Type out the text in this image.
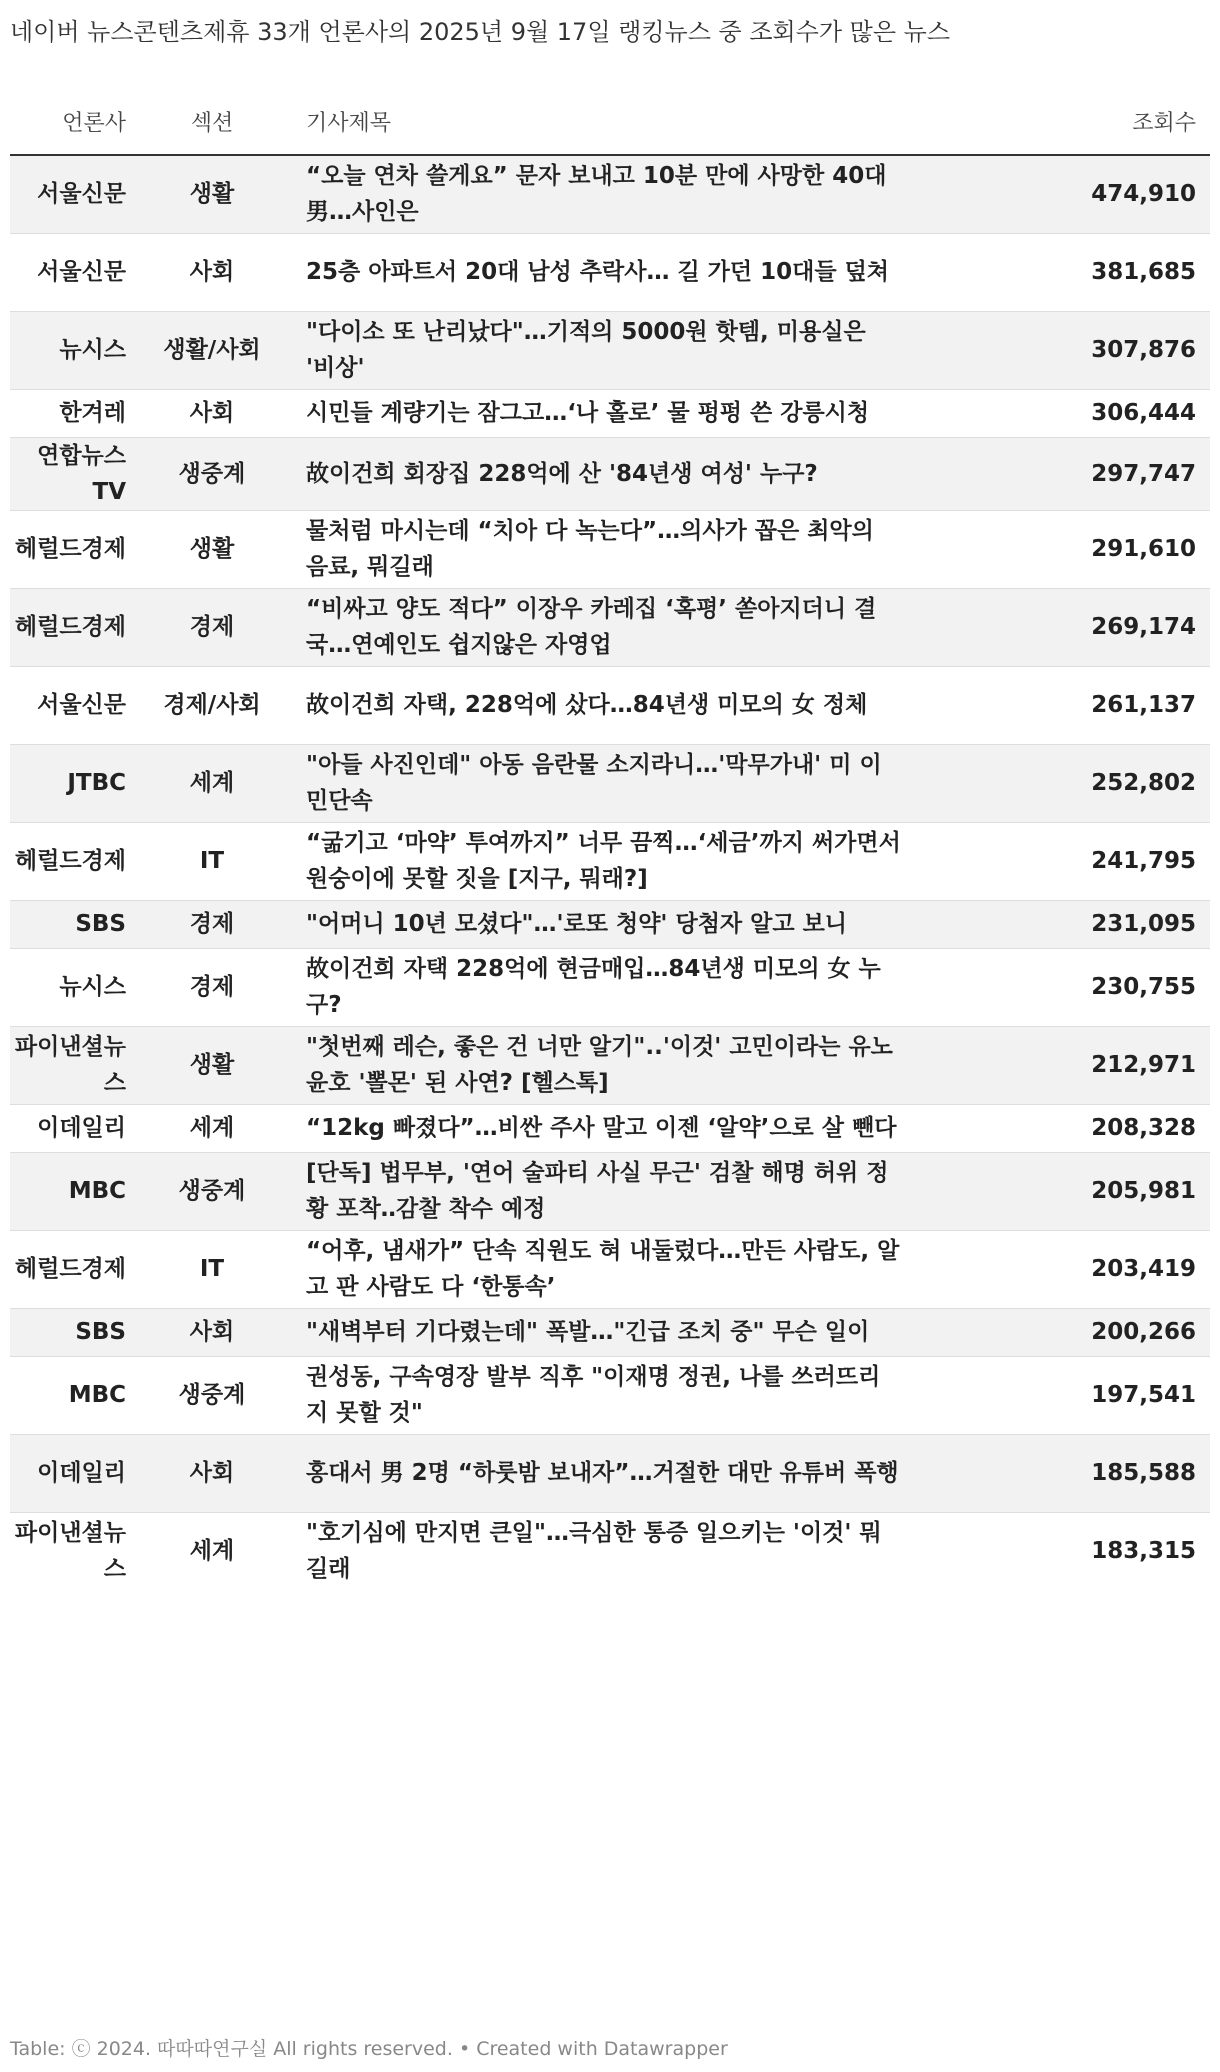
네이버 뉴스콘텐츠제휴 33개 언론사의 2025년 9월 17일 랭킹뉴스 중 조회수가 많은 뉴스
언론사	섹션	기사제목	조회수
서울신문	생활	“오늘 연차 쓸게요” 문자 보내고 10분 만에 사망한 40대男…사인은	474,910
서울신문	사회	25층 아파트서 20대 남성 추락사… 길 가던 10대들 덮쳐	381,685
뉴시스	생활/사회	"다이소 또 난리났다"…기적의 5000원 핫템, 미용실은 '비상'	307,876
한겨레	사회	시민들 계량기는 잠그고…‘나 홀로’ 물 펑펑 쓴 강릉시청	306,444
연합뉴스TV	생중계	故이건희 회장집 228억에 산 '84년생 여성' 누구?	297,747
헤럴드경제	생활	물처럼 마시는데 “치아 다 녹는다”…의사가 꼽은 최악의 음료, 뭐길래	291,610
헤럴드경제	경제	“비싸고 양도 적다” 이장우 카레집 ‘혹평’ 쏟아지더니 결국…연예인도 쉽지않은 자영업	269,174
서울신문	경제/사회	故이건희 자택, 228억에 샀다…84년생 미모의 女 정체	261,137
JTBC	세계	"아들 사진인데" 아동 음란물 소지라니…'막무가내' 미 이민단속	252,802
헤럴드경제	IT	“굶기고 ‘마약’ 투여까지” 너무 끔찍…‘세금’까지 써가면서 원숭이에 못할 짓을 [지구, 뭐래?]	241,795
SBS	경제	"어머니 10년 모셨다"…'로또 청약' 당첨자 알고 보니	231,095
뉴시스	경제	故이건희 자택 228억에 현금매입…84년생 미모의 女 누구?	230,755
파이낸셜뉴스	생활	"첫번째 레슨, 좋은 건 너만 알기"..'이것' 고민이라는 유노윤호 '뽈몬' 된 사연? [헬스톡]	212,971
이데일리	세계	“12kg 빠졌다”…비싼 주사 말고 이젠 ‘알약’으로 살 뺀다	208,328
MBC	생중계	[단독] 법무부, '연어 술파티 사실 무근' 검찰 해명 허위 정황 포착‥감찰 착수 예정	205,981
헤럴드경제	IT	“어후, 냄새가” 단속 직원도 혀 내둘렀다…만든 사람도, 알고 판 사람도 다 ‘한통속’	203,419
SBS	사회	"새벽부터 기다렸는데" 폭발…"긴급 조치 중" 무슨 일이	200,266
MBC	생중계	권성동, 구속영장 발부 직후 "이재명 정권, 나를 쓰러뜨리지 못할 것"	197,541
이데일리	사회	홍대서 男 2명 “하룻밤 보내자”…거절한 대만 유튜버 폭행	185,588
파이낸셜뉴스	세계	"호기심에 만지면 큰일"…극심한 통증 일으키는 '이것' 뭐길래	183,315
Table: ⓒ 2024. 따따따연구실 All rights reserved. • Created with Datawrapper
